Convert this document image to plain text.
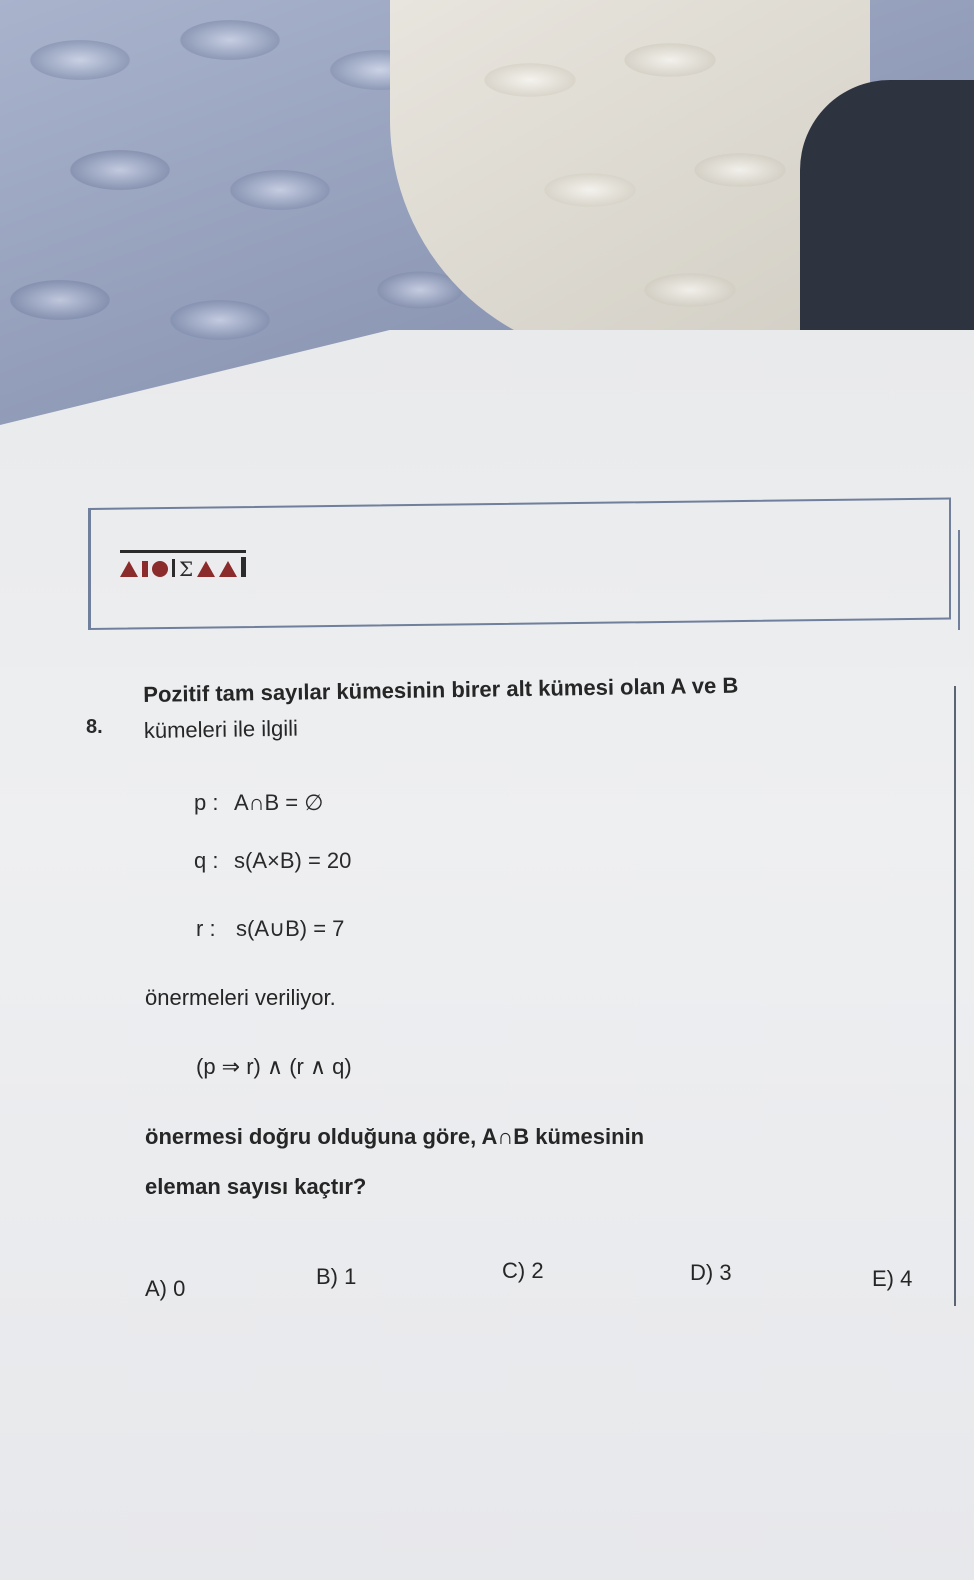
Σ
8.
Pozitif tam sayılar kümesinin birer alt kümesi olan A ve B
kümeleri ile ilgili
p : A∩B = ∅
q : s(A×B) = 20
r : s(A∪B) = 7
önermeleri veriliyor.
(p ⇒ r) ∧ (r ∧ q)
önermesi doğru olduğuna göre, A∩B kümesinin
eleman sayısı kaçtır?
A) 0	B) 1	C) 2	D) 3	E) 4
